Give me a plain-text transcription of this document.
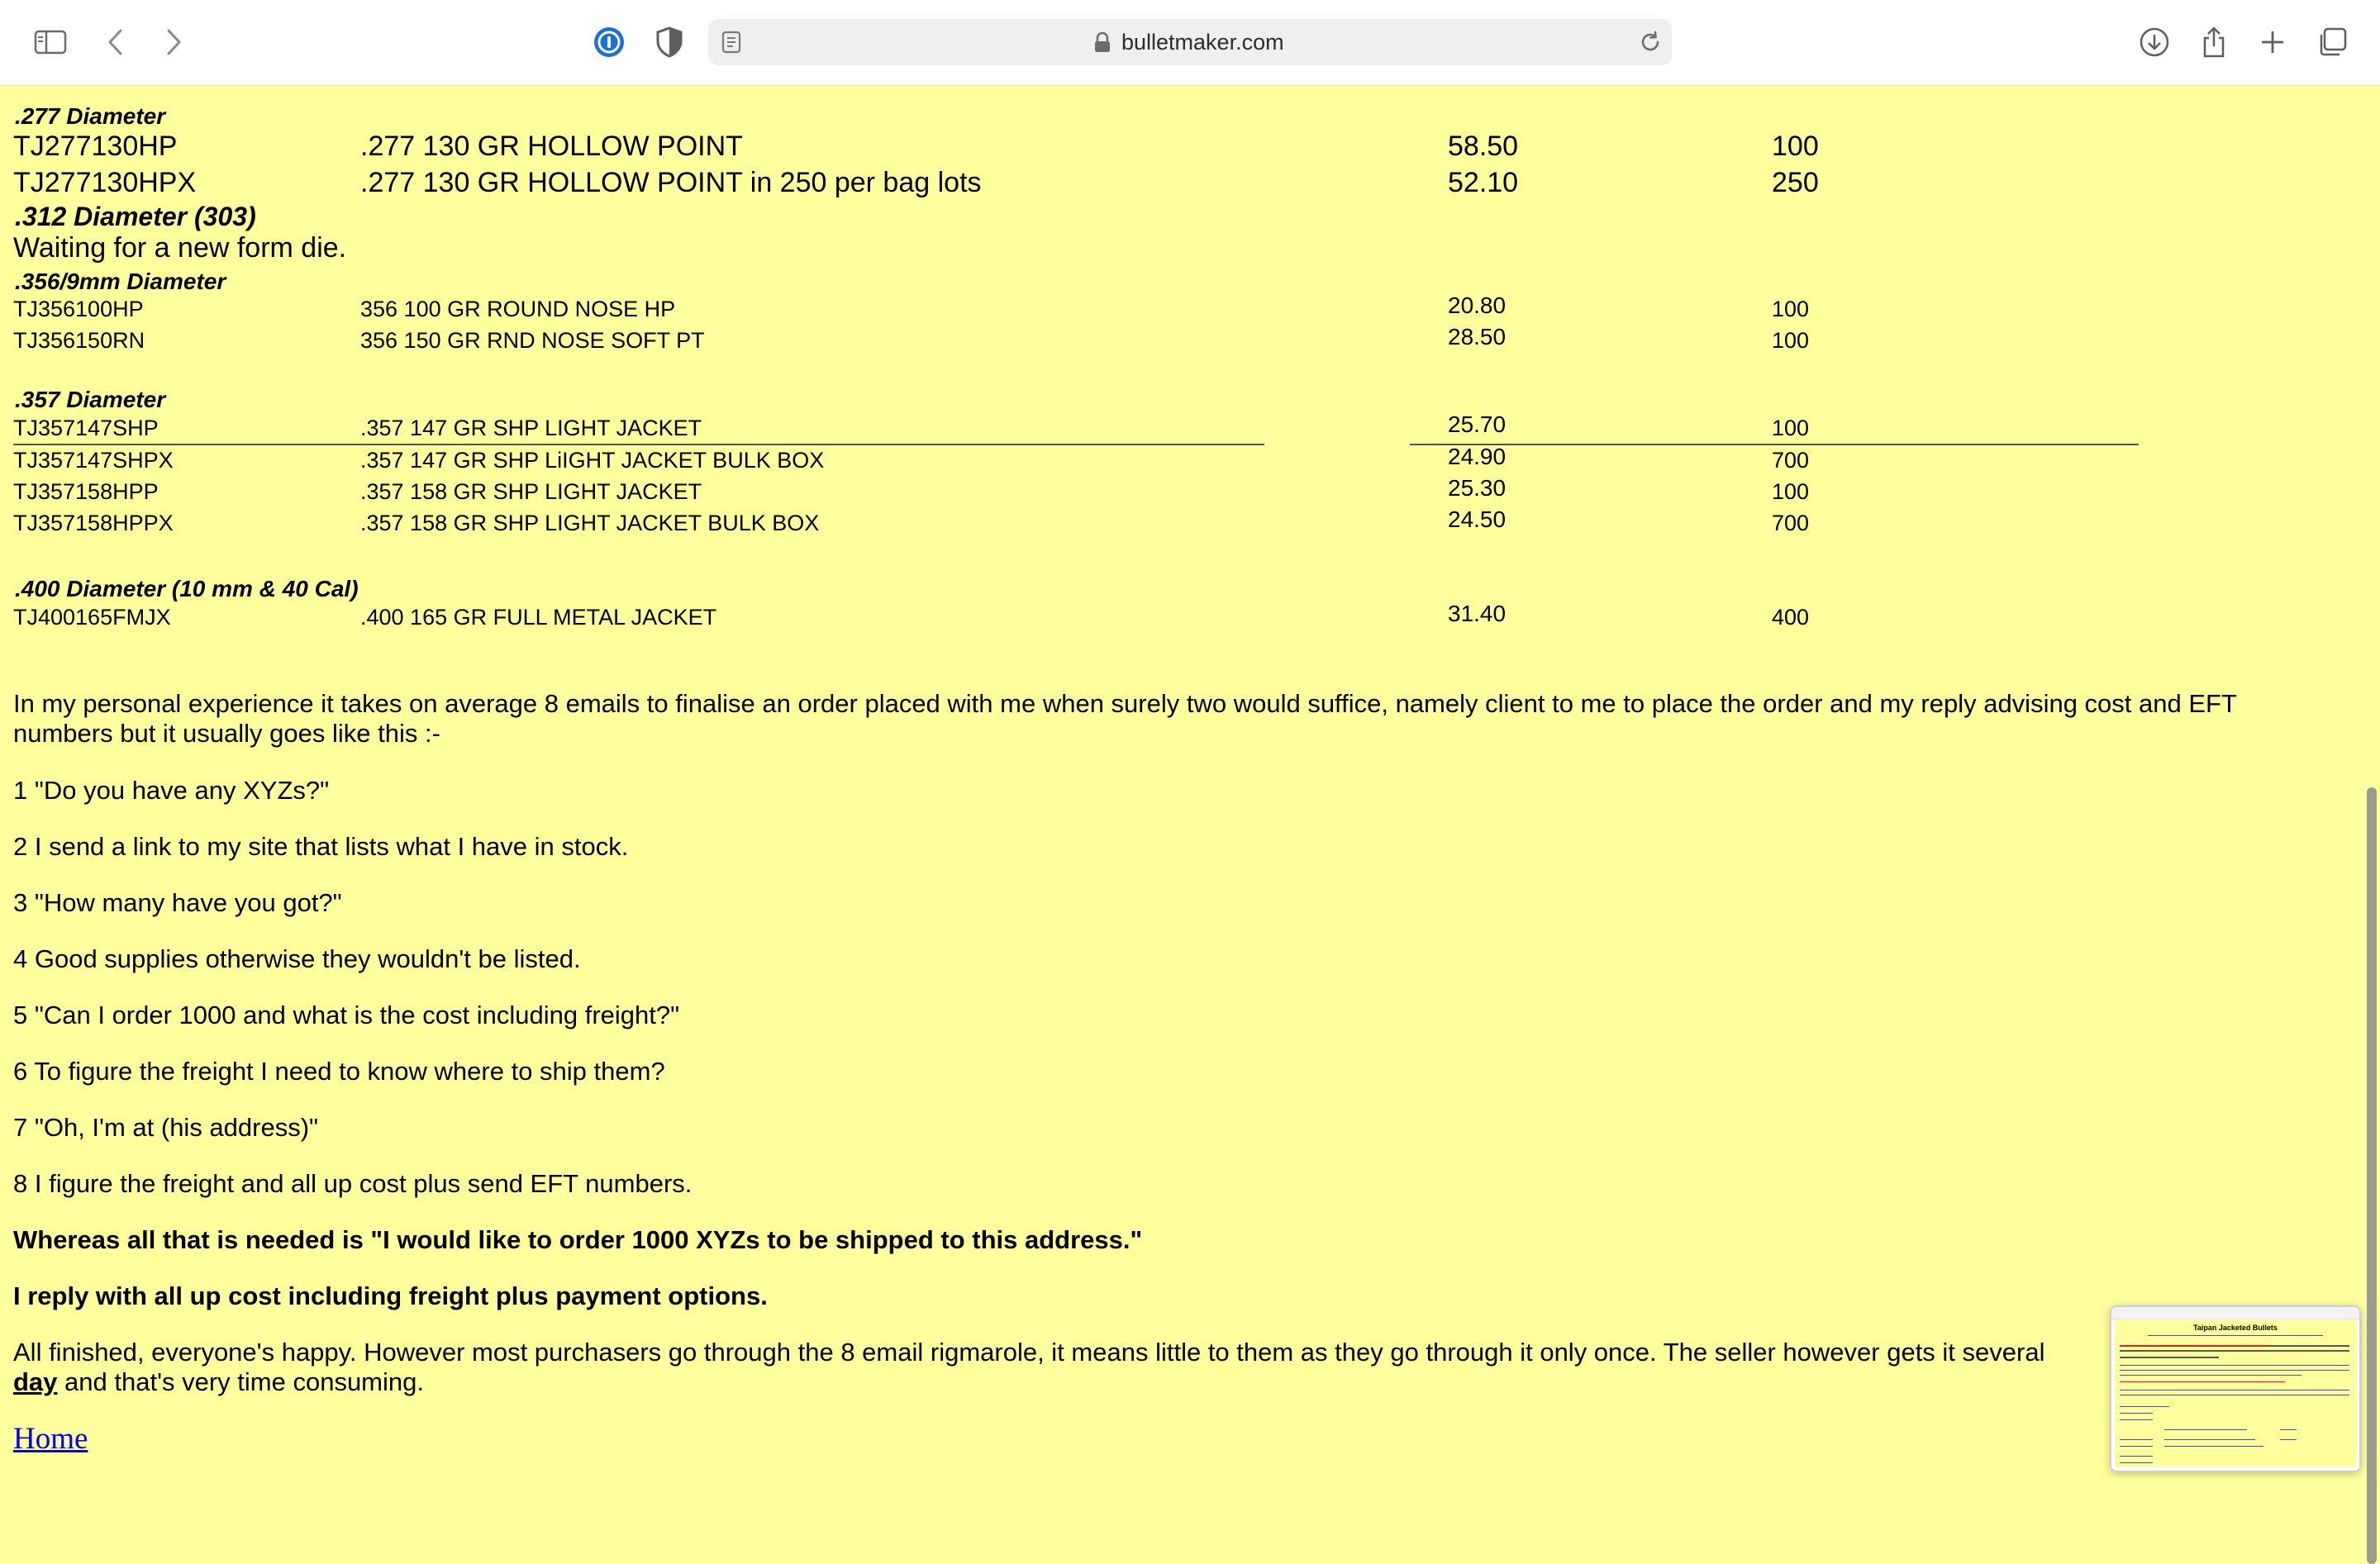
bulletmaker.com
.277 Diameter
TJ277130HP	.277 130 GR HOLLOW POINT	58.50	100
TJ277130HPX	.277 130 GR HOLLOW POINT in 250 per bag lots	52.10	250
.312 Diameter (303)
Waiting for a new form die.
.356/9mm Diameter
TJ356100HP	356 100 GR ROUND NOSE HP	20.80	100
TJ356150RN	356 150 GR RND NOSE SOFT PT	28.50	100
.357 Diameter
TJ357147SHP	.357 147 GR SHP LIGHT JACKET	25.70	100
TJ357147SHPX	.357 147 GR SHP LiIGHT JACKET BULK BOX	24.90	700
TJ357158HPP	.357 158 GR SHP LIGHT JACKET	25.30	100
TJ357158HPPX	.357 158 GR SHP LIGHT JACKET BULK BOX	24.50	700
.400 Diameter (10 mm & 40 Cal)
TJ400165FMJX	.400 165 GR FULL METAL JACKET	31.40	400
In my personal experience it takes on average 8 emails to finalise an order placed with me when surely two would suffice, namely client to me to place the order and my reply advising cost and EFT numbers but it usually goes like this :-
1 "Do you have any XYZs?"
2 I send a link to my site that lists what I have in stock.
3 "How many have you got?"
4 Good supplies otherwise they wouldn't be listed.
5 "Can I order 1000 and what is the cost including freight?"
6 To figure the freight I need to know where to ship them?
7 "Oh, I'm at (his address)"
8 I figure the freight and all up cost plus send EFT numbers.
Whereas all that is needed is "I would like to order 1000 XYZs to be shipped to this address."
I reply with all up cost including freight plus payment options.
All finished, everyone's happy. However most purchasers go through the 8 email rigmarole, it means little to them as they go through it only once. The seller however gets it several
day and that's very time consuming.
Home
Taipan Jacketed Bullets
